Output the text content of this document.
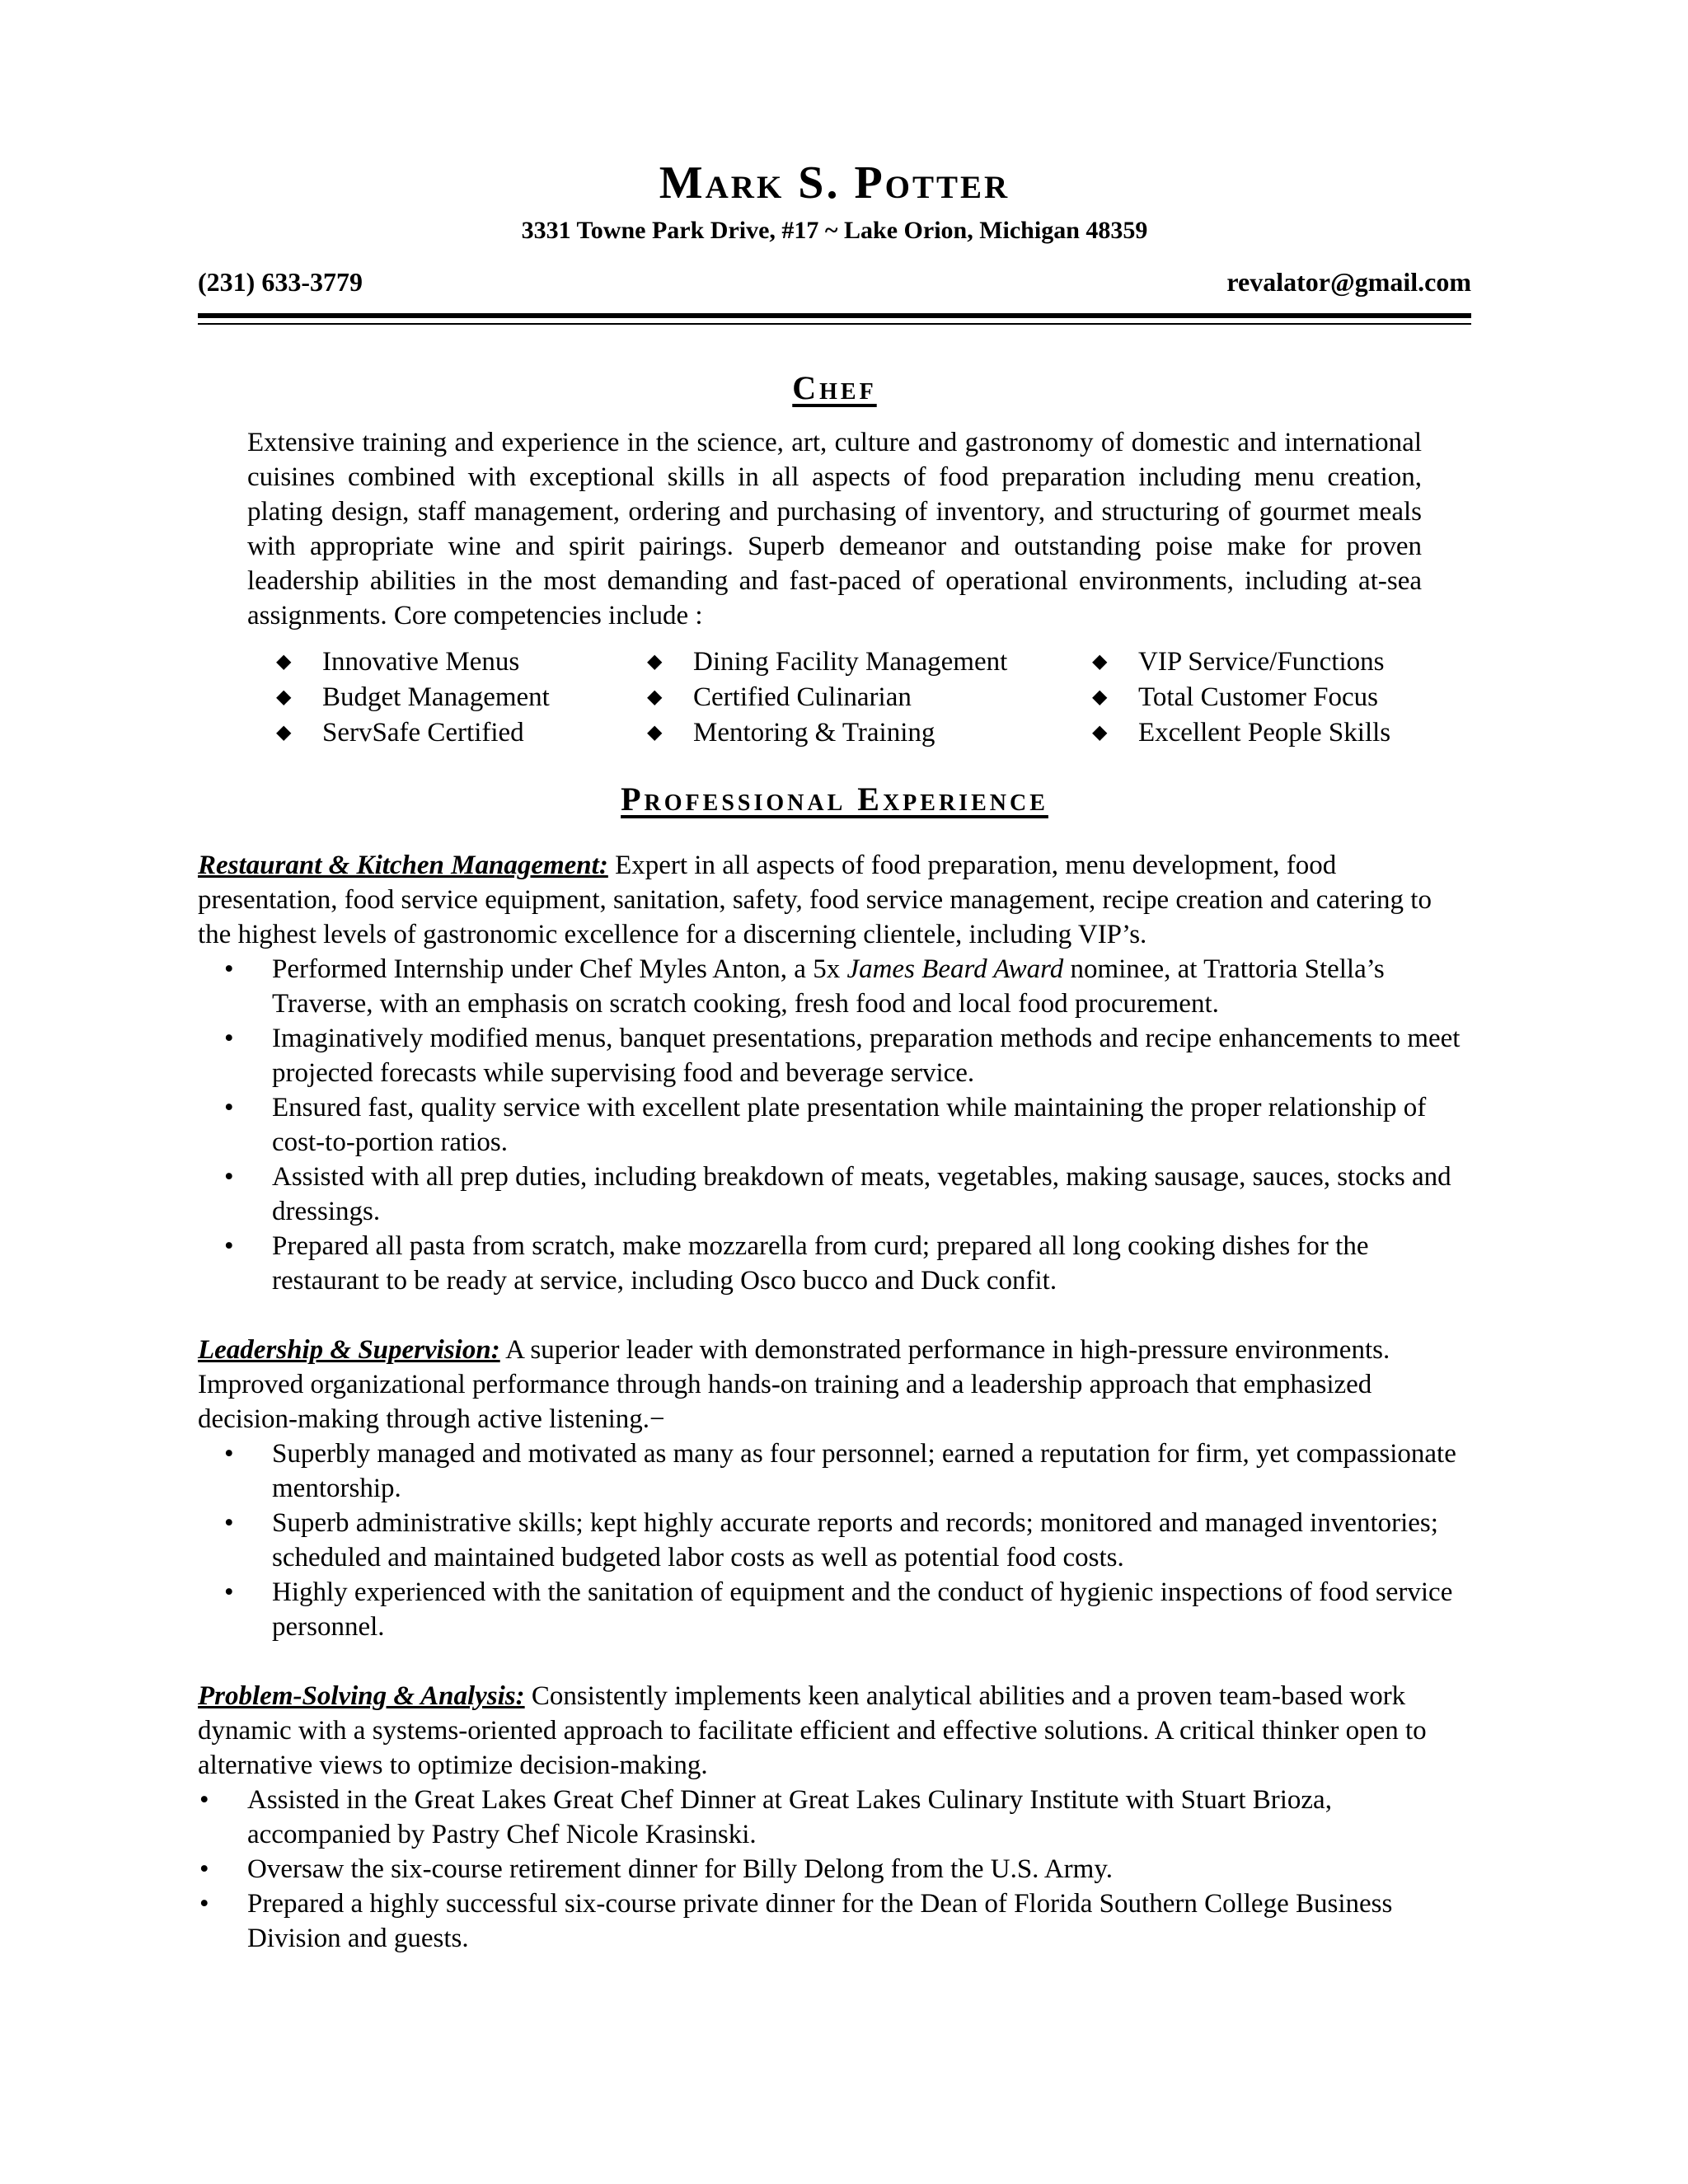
Mark S. Potter
3331 Towne Park Drive, #17 ~ Lake Orion, Michigan 48359
(231) 633-3779	revalator@gmail.com
Chef
Extensive training and experience in the science, art, culture and gastronomy of domestic and international cuisines combined with exceptional skills in all aspects of food preparation including menu creation, plating design, staff management, ordering and purchasing of inventory, and structuring of gourmet meals with appropriate wine and spirit pairings. Superb demeanor and outstanding poise make for proven leadership abilities in the most demanding and fast-paced of operational environments, including at-sea assignments. Core competencies include :
◆ Innovative Menus	◆ Dining Facility Management	◆ VIP Service/Functions
◆ Budget Management	◆ Certified Culinarian	◆ Total Customer Focus
◆ ServSafe Certified	◆ Mentoring & Training	◆ Excellent People Skills
Professional Experience
Restaurant & Kitchen Management: Expert in all aspects of food preparation, menu development, food presentation, food service equipment, sanitation, safety, food service management, recipe creation and catering to the highest levels of gastronomic excellence for a discerning clientele, including VIP’s.
• Performed Internship under Chef Myles Anton, a 5x James Beard Award nominee, at Trattoria Stella’s Traverse, with an emphasis on scratch cooking, fresh food and local food procurement.
• Imaginatively modified menus, banquet presentations, preparation methods and recipe enhancements to meet projected forecasts while supervising food and beverage service.
• Ensured fast, quality service with excellent plate presentation while maintaining the proper relationship of cost-to-portion ratios.
• Assisted with all prep duties, including breakdown of meats, vegetables, making sausage, sauces, stocks and dressings.
• Prepared all pasta from scratch, make mozzarella from curd; prepared all long cooking dishes for the restaurant to be ready at service, including Osco bucco and Duck confit.
Leadership & Supervision: A superior leader with demonstrated performance in high-pressure environments. Improved organizational performance through hands-on training and a leadership approach that emphasized decision-making through active listening.−
• Superbly managed and motivated as many as four personnel; earned a reputation for firm, yet compassionate mentorship.
• Superb administrative skills; kept highly accurate reports and records; monitored and managed inventories; scheduled and maintained budgeted labor costs as well as potential food costs.
• Highly experienced with the sanitation of equipment and the conduct of hygienic inspections of food service personnel.
Problem-Solving & Analysis: Consistently implements keen analytical abilities and a proven team-based work dynamic with a systems-oriented approach to facilitate efficient and effective solutions. A critical thinker open to alternative views to optimize decision-making.
• Assisted in the Great Lakes Great Chef Dinner at Great Lakes Culinary Institute with Stuart Brioza, accompanied by Pastry Chef Nicole Krasinski.
• Oversaw the six-course retirement dinner for Billy Delong from the U.S. Army.
• Prepared a highly successful six-course private dinner for the Dean of Florida Southern College Business Division and guests.
